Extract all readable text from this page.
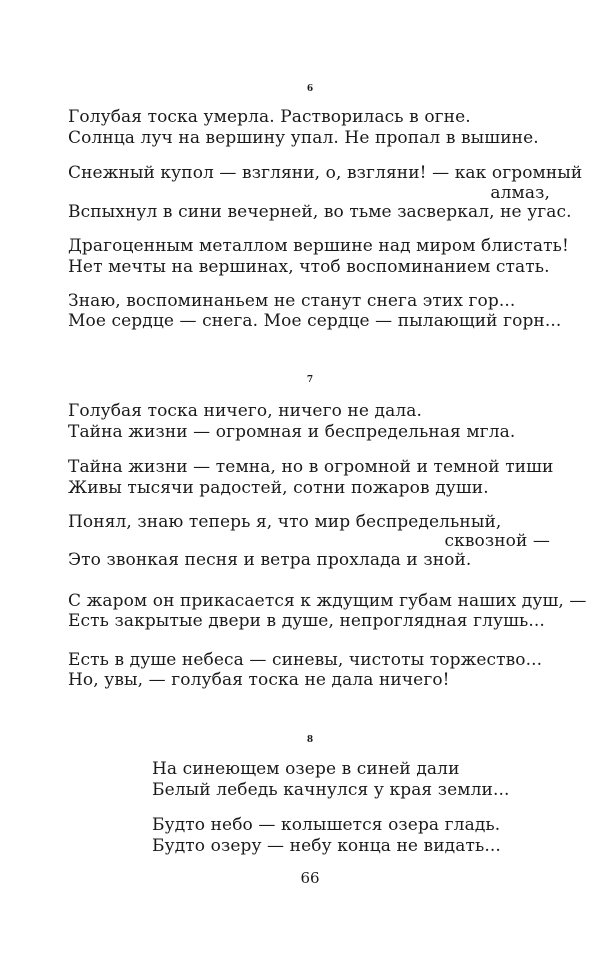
6
Голубая тоска умерла. Растворилась в огне.
Солнца луч на вершину упал. Не пропал в вышине.
Снежный купол — взгляни, о, взгляни! — как огромный
алмаз,
Вспыхнул в сини вечерней, во тьме засверкал, не угас.
Драгоценным металлом вершине над миром блистать!
Нет мечты на вершинах, чтоб воспоминанием стать.
Знаю, воспоминаньем не станут снега этих гор...
Мое сердце — снега. Мое сердце — пылающий горн...
7
Голубая тоска ничего, ничего не дала.
Тайна жизни — огромная и беспредельная мгла.
Тайна жизни — темна, но в огромной и темной тиши
Живы тысячи радостей, сотни пожаров души.
Понял, знаю теперь я, что мир беспредельный,
сквозной —
Это звонкая песня и ветра прохлада и зной.
С жаром он прикасается к ждущим губам наших душ, —
Есть закрытые двери в душе, непроглядная глушь...
Есть в душе небеса — синевы, чистоты торжество...
Но, увы, — голубая тоска не дала ничего!
8
На синеющем озере в синей дали
Белый лебедь качнулся у края земли...
Будто небо — колышется озера гладь.
Будто озеру — небу конца не видать...
66
